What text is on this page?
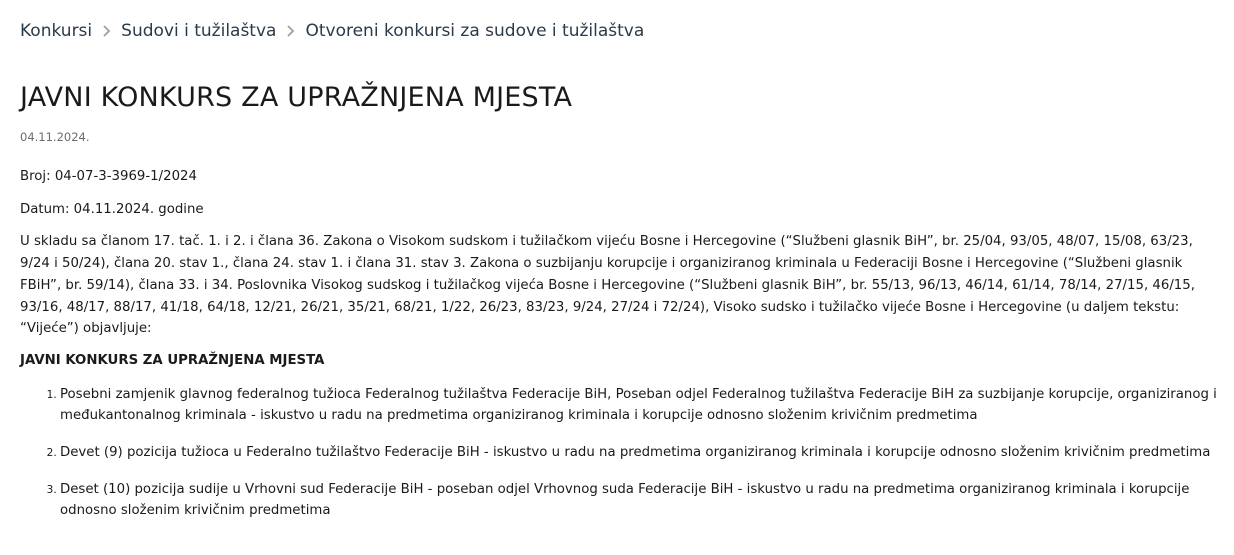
Konkursi Sudovi i tužilaštva Otvoreni konkursi za sudove i tužilaštva
JAVNI KONKURS ZA UPRAŽNJENA MJESTA
04.11.2024.

Broj: 04-07-3-3969-1/2024

Datum: 04.11.2024. godine

U skladu sa članom 17. tač. 1. i 2. i člana 36. Zakona o Visokom sudskom i tužilačkom vijeću Bosne i Hercegovine (“Službeni glasnik BiH”, br. 25/04, 93/05, 48/07, 15/08, 63/23, 9/24 i 50/24), člana 20. stav 1., člana 24. stav 1. i člana 31. stav 3. Zakona o suzbijanju korupcije i organiziranog kriminala u Federaciji Bosne i Hercegovine (“Službeni glasnik FBiH”, br. 59/14), člana 33. i 34. Poslovnika Visokog sudskog i tužilačkog vijeća Bosne i Hercegovine (“Službeni glasnik BiH”, br. 55/13, 96/13, 46/14, 61/14, 78/14, 27/15, 46/15, 93/16, 48/17, 88/17, 41/18, 64/18, 12/21, 26/21, 35/21, 68/21, 1/22, 26/23, 83/23, 9/24, 27/24 i 72/24), Visoko sudsko i tužilačko vijeće Bosne i Hercegovine (u daljem tekstu: “Vijeće”) objavljuje:

JAVNI KONKURS ZA UPRAŽNJENA MJESTA

1. Posebni zamjenik glavnog federalnog tužioca Federalnog tužilaštva Federacije BiH, Poseban odjel Federalnog tužilaštva Federacije BiH za suzbijanje korupcije, organiziranog i međukantonalnog kriminala - iskustvo u radu na predmetima organiziranog kriminala i korupcije odnosno složenim krivičnim predmetima
2. Devet (9) pozicija tužioca u Federalno tužilaštvo Federacije BiH - iskustvo u radu na predmetima organiziranog kriminala i korupcije odnosno složenim krivičnim predmetima
3. Deset (10) pozicija sudije u Vrhovni sud Federacije BiH - poseban odjel Vrhovnog suda Federacije BiH - iskustvo u radu na predmetima organiziranog kriminala i korupcije odnosno složenim krivičnim predmetima
